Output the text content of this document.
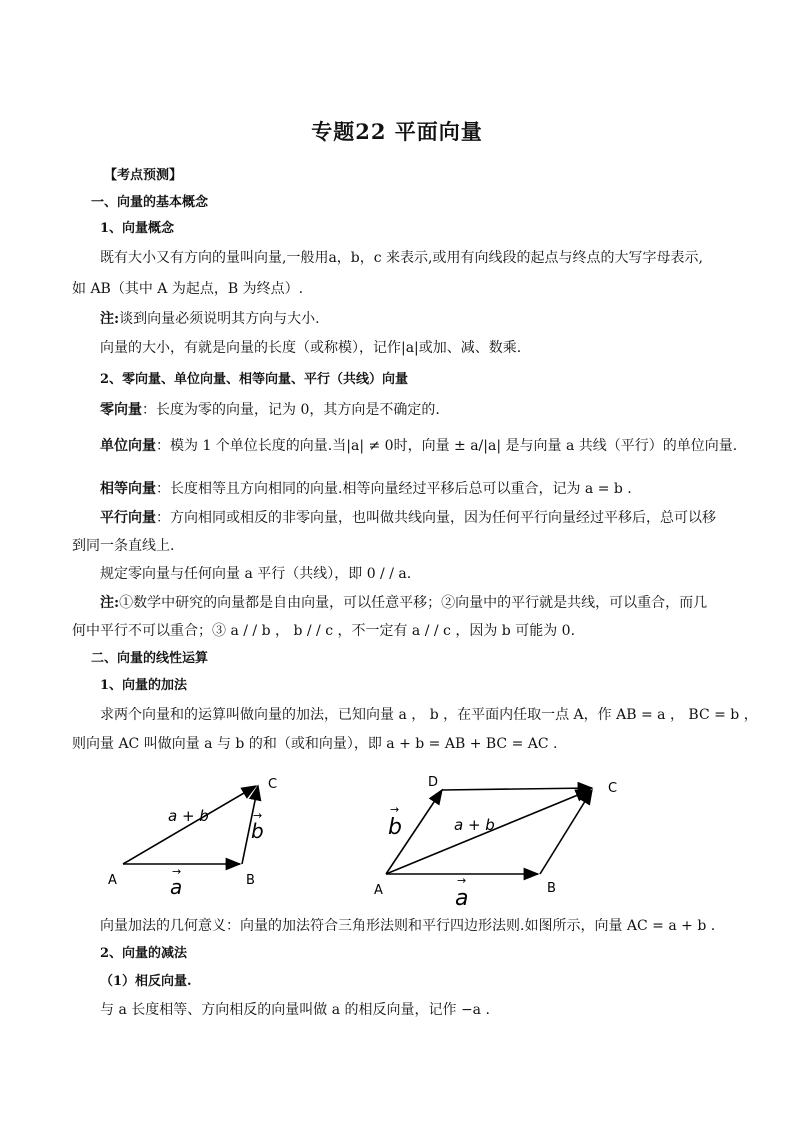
专题22 平面向量
【考点预测】
一、向量的基本概念
1、向量概念
既有大小又有方向的量叫向量,一般用a，b，c 来表示,或用有向线段的起点与终点的大写字母表示,
如 AB（其中 A 为起点，B 为终点）.
注:谈到向量必须说明其方向与大小.
向量的大小，有就是向量的长度（或称模），记作|a|或加、减、数乘.
2、零向量、单位向量、相等向量、平行（共线）向量
零向量：长度为零的向量，记为 0，其方向是不确定的.
单位向量：模为 1 个单位长度的向量.当|a| ≠ 0时，向量 ± a/|a| 是与向量 a 共线（平行）的单位向量.
相等向量：长度相等且方向相同的向量.相等向量经过平移后总可以重合，记为 a = b .
平行向量：方向相同或相反的非零向量，也叫做共线向量，因为任何平行向量经过平移后，总可以移
到同一条直线上.
规定零向量与任何向量 a 平行（共线），即 0 / / a.
注:①数学中研究的向量都是自由向量，可以任意平移；②向量中的平行就是共线，可以重合，而几
何中平行不可以重合；③ a / / b ， b / / c ，不一定有 a / / c ，因为 b 可能为 0.
二、向量的线性运算
1、向量的加法
求两个向量和的运算叫做向量的加法，已知向量 a ， b ，在平面内任取一点 A，作 AB = a ， BC = b ，
则向量 AC 叫做向量 a 与 b 的和（或和向量），即 a + b = AB + BC = AC .
A	B
C
a
→
b
→
a + b
A	B
C
D
a
→
b
→
a + b
向量加法的几何意义：向量的加法符合三角形法则和平行四边形法则.如图所示，向量 AC = a + b .
2、向量的减法
（1）相反向量.
与 a 长度相等、方向相反的向量叫做 a 的相反向量，记作 −a .
